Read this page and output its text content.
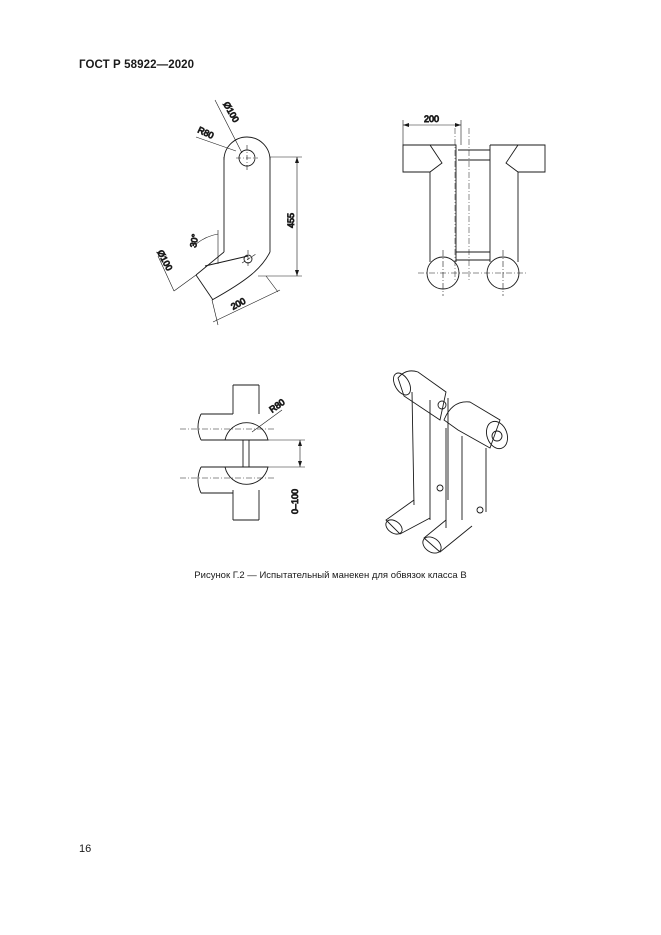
ГОСТ Р 58922—2020
Ø100
R80
455
30°
Ø100
200
200
R80
0–100
Рисунок Г.2 — Испытательный манекен для обвязок класса В
16
